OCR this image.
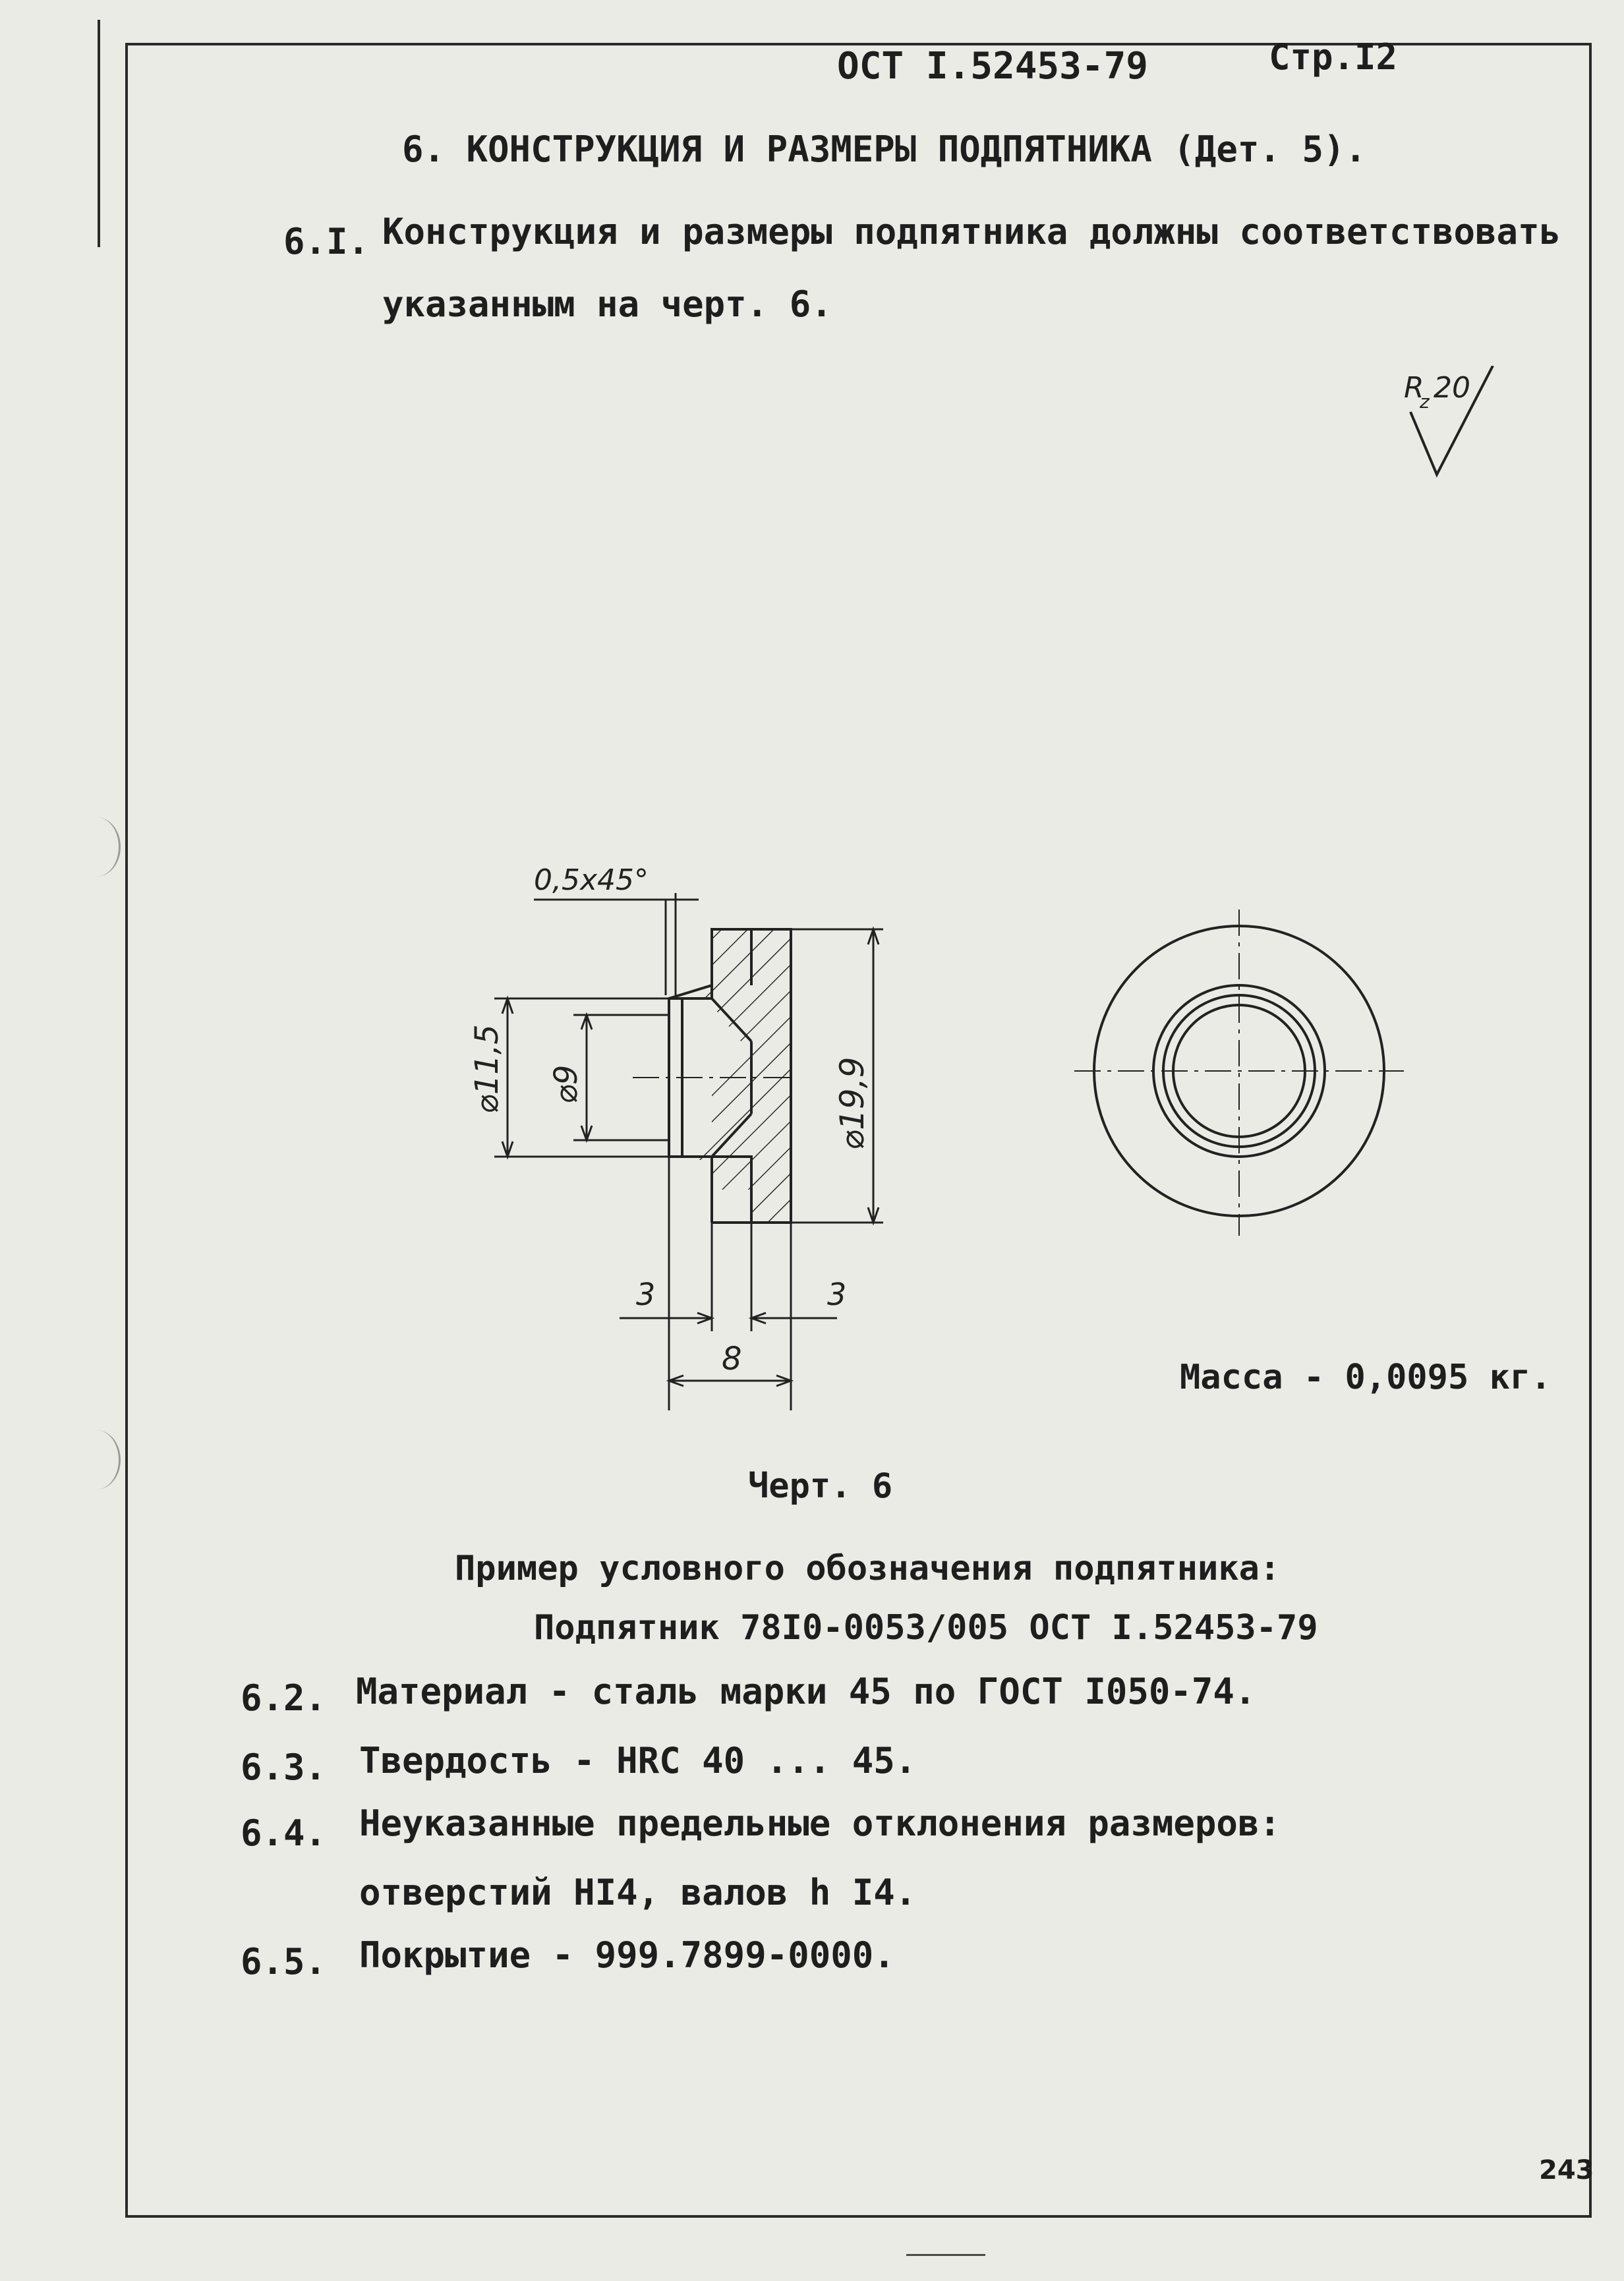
ОСТ I.52453-79	Стр.I2
6. КОНСТРУКЦИЯ И РАЗМЕРЫ ПОДПЯТНИКА (Дет. 5).
6.I. Конструкция и размеры подпятника должны соответствовать
указанным на черт. 6.
R
z 20
0,5x45°
⌀11,5 ⌀9	⌀19,9
3	3
8	Масса - 0,0095 кг.
Черт. 6
Пример условного обозначения подпятника:
Подпятник 78I0-0053/005 ОСТ I.52453-79
6.2. Материал - сталь марки 45 по ГОСТ I050-74.
6.3. Твердость - HRC 40 ... 45.
6.4. Неуказанные предельные отклонения размеров:
отверстий HI4, валов h I4.
6.5. Покрытие - 999.7899-0000.
243
